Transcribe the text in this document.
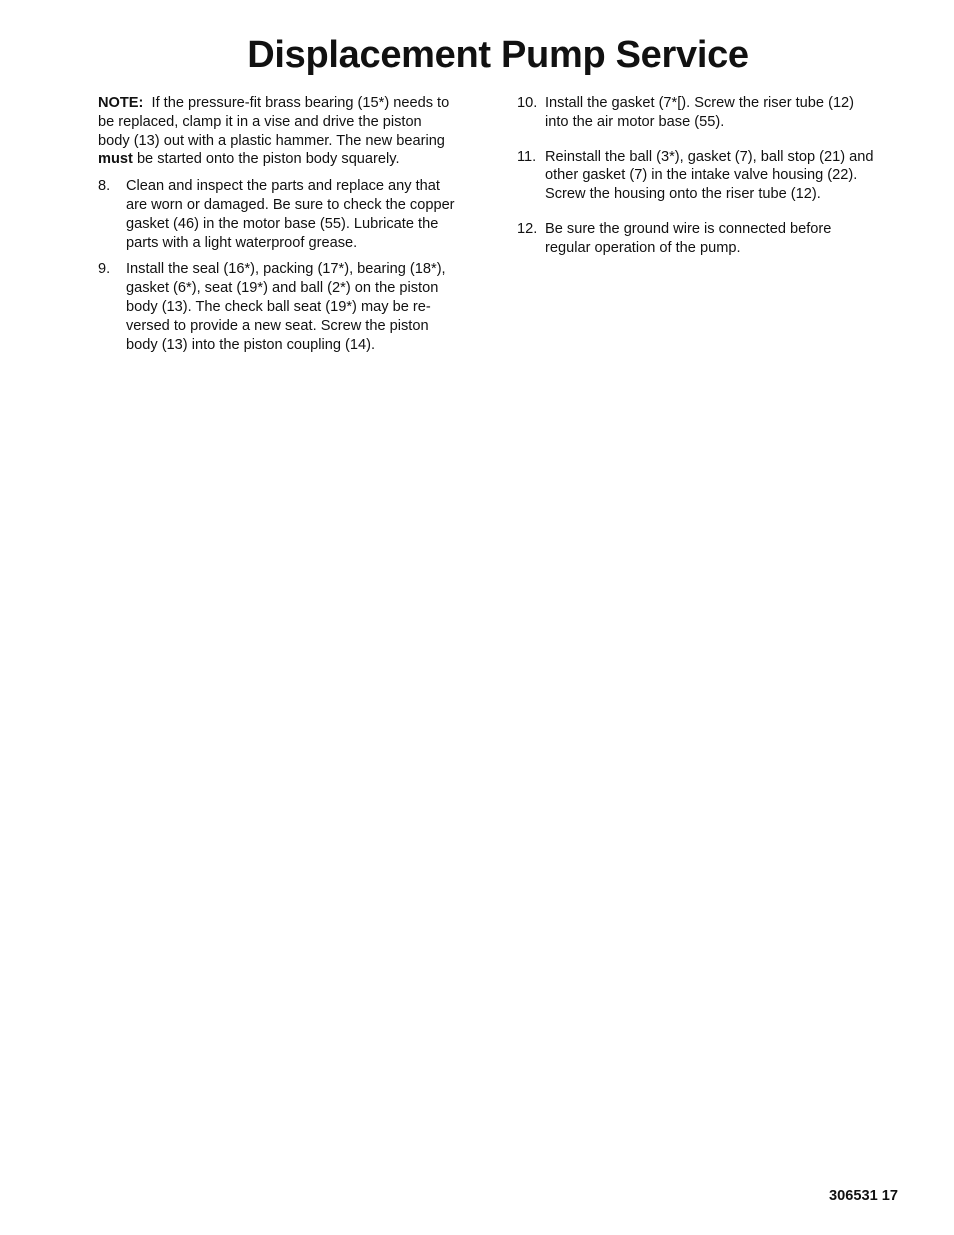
Displacement Pump Service

NOTE: If the pressure-fit brass bearing (15*) needs to
be replaced, clamp it in a vise and drive the piston
body (13) out with a plastic hammer. The new bearing
must be started onto the piston body squarely.

8. Clean and inspect the parts and replace any that
are worn or damaged. Be sure to check the copper
gasket (46) in the motor base (55). Lubricate the
parts with a light waterproof grease.
9. Install the seal (16*), packing (17*), bearing (18*),
gasket (6*), seat (19*) and ball (2*) on the piston
body (13). The check ball seat (19*) may be re-
versed to provide a new seat. Screw the piston
body (13) into the piston coupling (14).
10. Install the gasket (7*[). Screw the riser tube (12)
into the air motor base (55).
11. Reinstall the ball (3*), gasket (7), ball stop (21) and
other gasket (7) in the intake valve housing (22).
Screw the housing onto the riser tube (12).
12. Be sure the ground wire is connected before
regular operation of the pump.
306531 17
